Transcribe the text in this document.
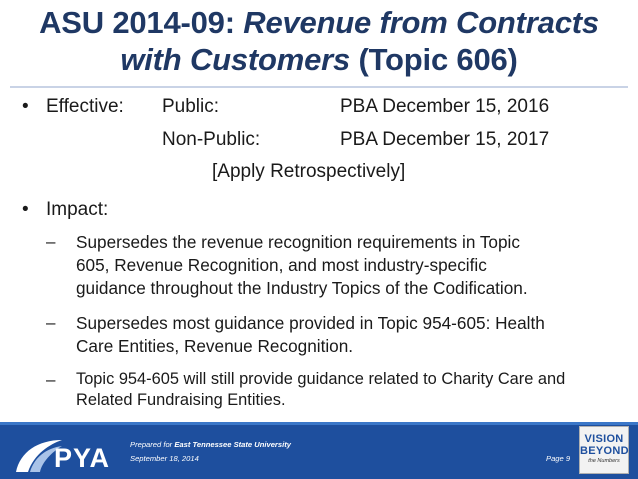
ASU 2014-09: Revenue from Contracts
with Customers (Topic 606)
• Effective: Public:	PBA December 15, 2016
Non-Public:	PBA December 15, 2017
[Apply Retrospectively]
• Impact:
– Supersedes the revenue recognition requirements in Topic
605, Revenue Recognition, and most industry-specific
guidance throughout the Industry Topics of the Codification.
– Supersedes most guidance provided in Topic 954-605: Health
Care Entities, Revenue Recognition.
– Topic 954-605 will still provide guidance related to Charity Care and
Related Fundraising Entities.
PYA	Prepared for East Tennessee State University
September 18, 2014	Page 9
VISION
BEYOND
the Numbers
